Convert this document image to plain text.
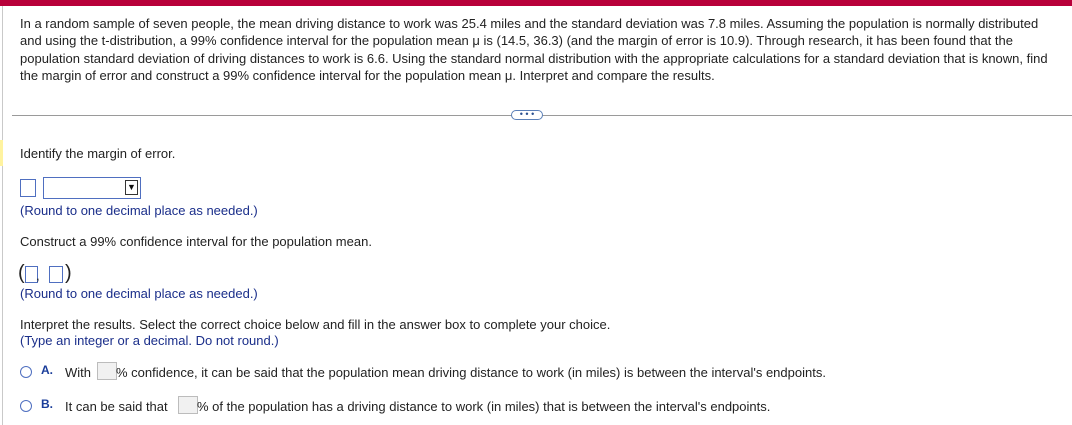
In a random sample of seven people, the mean driving distance to work was 25.4 miles and the standard deviation was 7.8 miles. Assuming the population is normally distributed and using the t-distribution, a 99% confidence interval for the population mean μ is (14.5, 36.3) (and the margin of error is 10.9). Through research, it has been found that the population standard deviation of driving distances to work is 6.6. Using the standard normal distribution with the appropriate calculations for a standard deviation that is known, find the margin of error and construct a 99% confidence interval for the population mean μ. Interpret and compare the results.
• • •
Identify the margin of error.
▼
(Round to one decimal place as needed.)
Construct a 99% confidence interval for the population mean.
( , )
(Round to one decimal place as needed.)
Interpret the results. Select the correct choice below and fill in the answer box to complete your choice.
(Type an integer or a decimal. Do not round.)
A. With % confidence, it can be said that the population mean driving distance to work (in miles) is between the interval's endpoints.
B. It can be said that % of the population has a driving distance to work (in miles) that is between the interval's endpoints.
